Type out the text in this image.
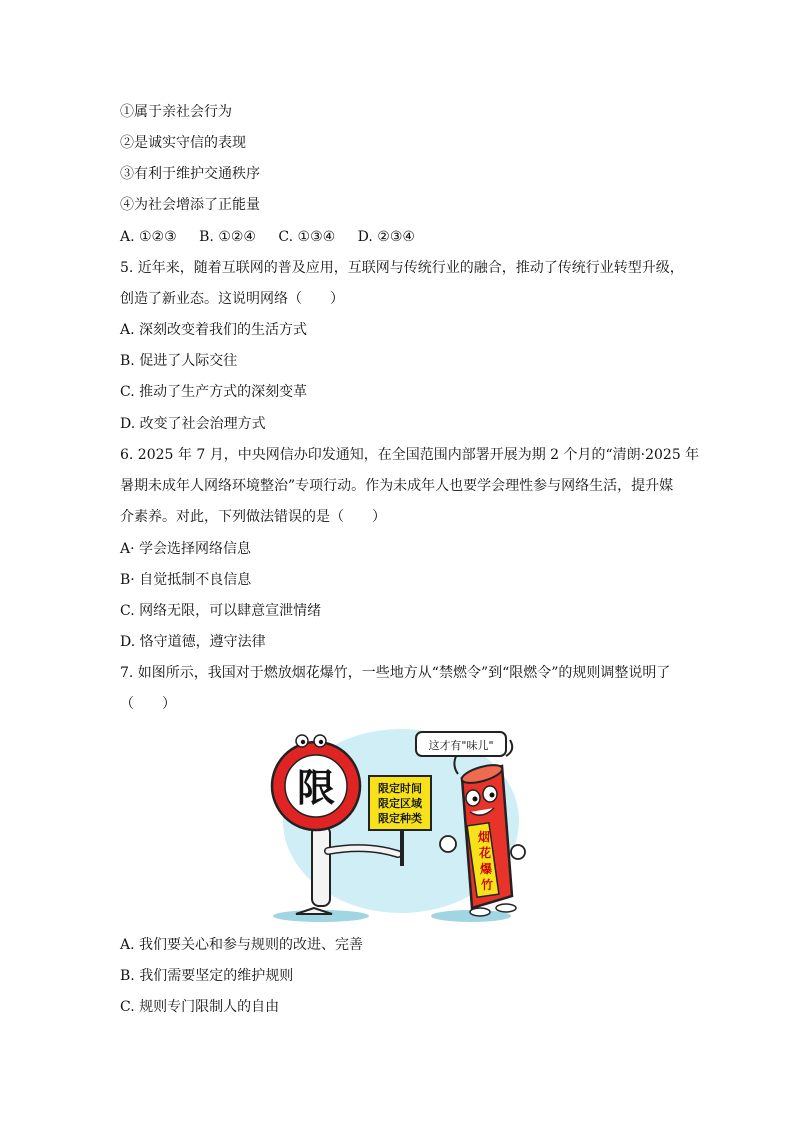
①属于亲社会行为
②是诚实守信的表现
③有利于维护交通秩序
④为社会增添了正能量
A. ①②③ B. ①②④ C. ①③④ D. ②③④
5. 近年来，随着互联网的普及应用，互联网与传统行业的融合，推动了传统行业转型升级，
创造了新业态。这说明网络（　　）
A. 深刻改变着我们的生活方式
B. 促进了人际交往
C. 推动了生产方式的深刻变革
D. 改变了社会治理方式
6. 2025 年 7 月，中央网信办印发通知，在全国范围内部署开展为期 2 个月的“清朗·2025 年
暑期未成年人网络环境整治”专项行动。作为未成年人也要学会理性参与网络生活，提升媒
介素养。对此，下列做法错误的是（　　）
A· 学会选择网络信息
B· 自觉抵制不良信息
C. 网络无限，可以肆意宣泄情绪
D. 恪守道德，遵守法律
7. 如图所示，我国对于燃放烟花爆竹，一些地方从“禁燃令”到“限燃令”的规则调整说明了
（　　）
限	限定时间
限定区域
限定种类
这才有"味儿"
烟
花
爆
竹
A. 我们要关心和参与规则的改进、完善
B. 我们需要坚定的维护规则
C. 规则专门限制人的自由
